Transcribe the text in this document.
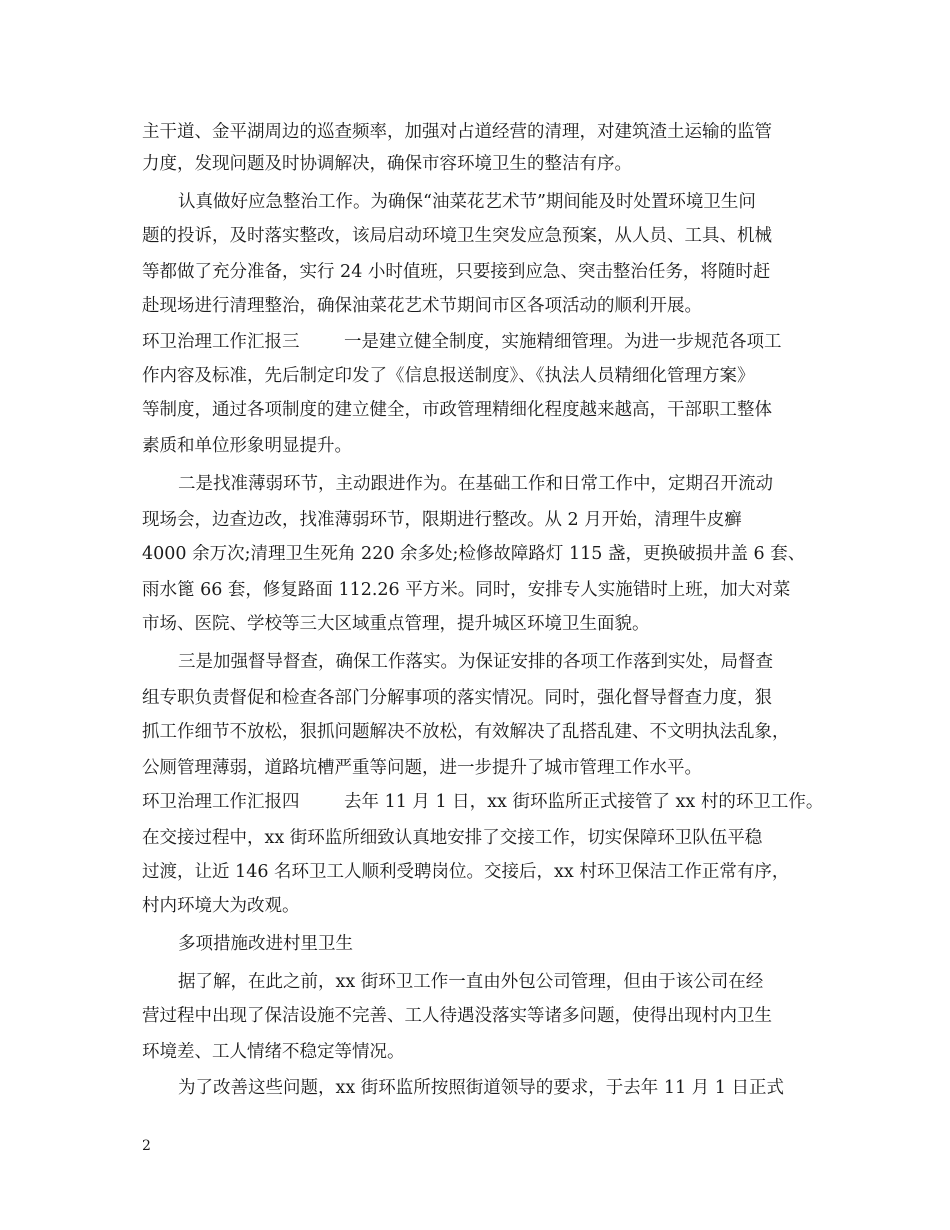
主干道、金平湖周边的巡查频率，加强对占道经营的清理，对建筑渣土运输的监管
力度，发现问题及时协调解决，确保市容环境卫生的整洁有序。
认真做好应急整治工作。为确保“油菜花艺术节”期间能及时处置环境卫生问
题的投诉，及时落实整改，该局启动环境卫生突发应急预案，从人员、工具、机械
等都做了充分准备，实行 24 小时值班，只要接到应急、突击整治任务，将随时赶
赴现场进行清理整治，确保油菜花艺术节期间市区各项活动的顺利开展。
环卫治理工作汇报三	一是建立健全制度，实施精细管理。为进一步规范各项工
作内容及标准，先后制定印发了《信息报送制度》、《执法人员精细化管理方案》
等制度，通过各项制度的建立健全，市政管理精细化程度越来越高，干部职工整体
素质和单位形象明显提升。
二是找准薄弱环节，主动跟进作为。在基础工作和日常工作中，定期召开流动
现场会，边查边改，找准薄弱环节，限期进行整改。从 2 月开始，清理牛皮癣
4000 余万次;清理卫生死角 220 余多处;检修故障路灯 115 盏，更换破损井盖 6 套、
雨水篦 66 套，修复路面 112.26 平方米。同时，安排专人实施错时上班，加大对菜
市场、医院、学校等三大区域重点管理，提升城区环境卫生面貌。
三是加强督导督查，确保工作落实。为保证安排的各项工作落到实处，局督查
组专职负责督促和检查各部门分解事项的落实情况。同时，强化督导督查力度，狠
抓工作细节不放松，狠抓问题解决不放松，有效解决了乱搭乱建、不文明执法乱象，
公厕管理薄弱，道路坑槽严重等问题，进一步提升了城市管理工作水平。
环卫治理工作汇报四	去年 11 月 1 日，xx 街环监所正式接管了 xx 村的环卫工作。
在交接过程中，xx 街环监所细致认真地安排了交接工作，切实保障环卫队伍平稳
过渡，让近 146 名环卫工人顺利受聘岗位。交接后，xx 村环卫保洁工作正常有序，
村内环境大为改观。
多项措施改进村里卫生
据了解，在此之前，xx 街环卫工作一直由外包公司管理，但由于该公司在经
营过程中出现了保洁设施不完善、工人待遇没落实等诸多问题，使得出现村内卫生
环境差、工人情绪不稳定等情况。
为了改善这些问题，xx 街环监所按照街道领导的要求，于去年 11 月 1 日正式
2
